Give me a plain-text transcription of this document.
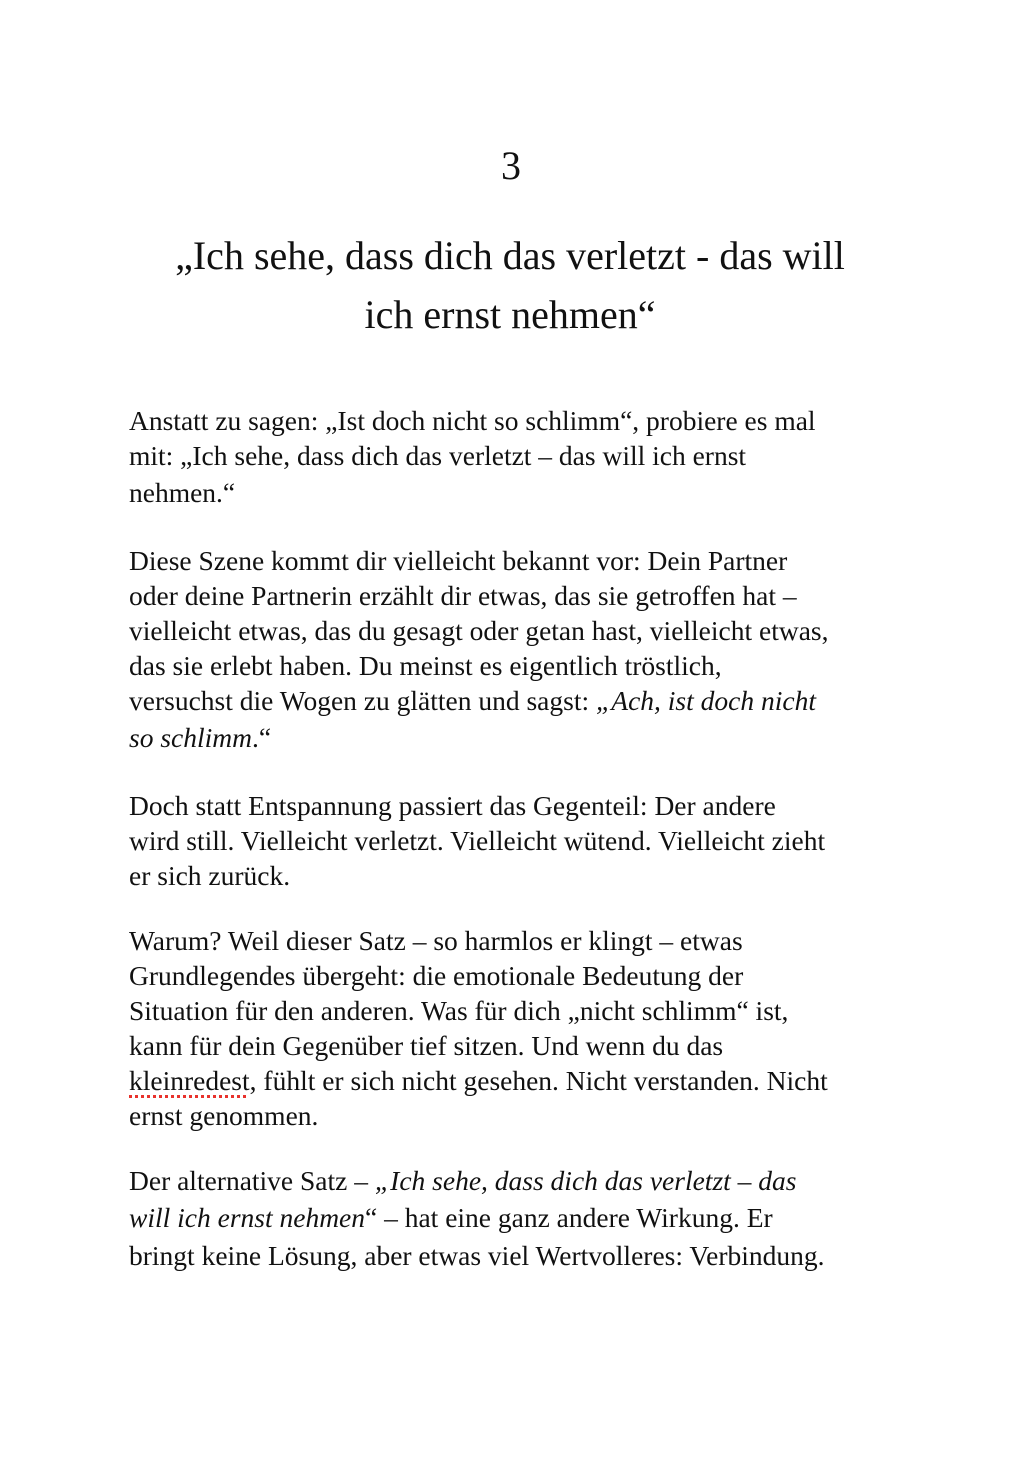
3
„Ich sehe, dass dich das verletzt - das will
ich ernst nehmen“

Anstatt zu sagen: „Ist doch nicht so schlimm“, probiere es mal
mit: „Ich sehe, dass dich das verletzt – das will ich ernst
nehmen.“

Diese Szene kommt dir vielleicht bekannt vor: Dein Partner
oder deine Partnerin erzählt dir etwas, das sie getroffen hat –
vielleicht etwas, das du gesagt oder getan hast, vielleicht etwas,
das sie erlebt haben. Du meinst es eigentlich tröstlich,
versuchst die Wogen zu glätten und sagst: „Ach, ist doch nicht
so schlimm.“

Doch statt Entspannung passiert das Gegenteil: Der andere
wird still. Vielleicht verletzt. Vielleicht wütend. Vielleicht zieht
er sich zurück.

Warum? Weil dieser Satz – so harmlos er klingt – etwas
Grundlegendes übergeht: die emotionale Bedeutung der
Situation für den anderen. Was für dich „nicht schlimm“ ist,
kann für dein Gegenüber tief sitzen. Und wenn du das
kleinredest, fühlt er sich nicht gesehen. Nicht verstanden. Nicht
ernst genommen.

Der alternative Satz – „Ich sehe, dass dich das verletzt – das
will ich ernst nehmen“ – hat eine ganz andere Wirkung. Er
bringt keine Lösung, aber etwas viel Wertvolleres: Verbindung.
